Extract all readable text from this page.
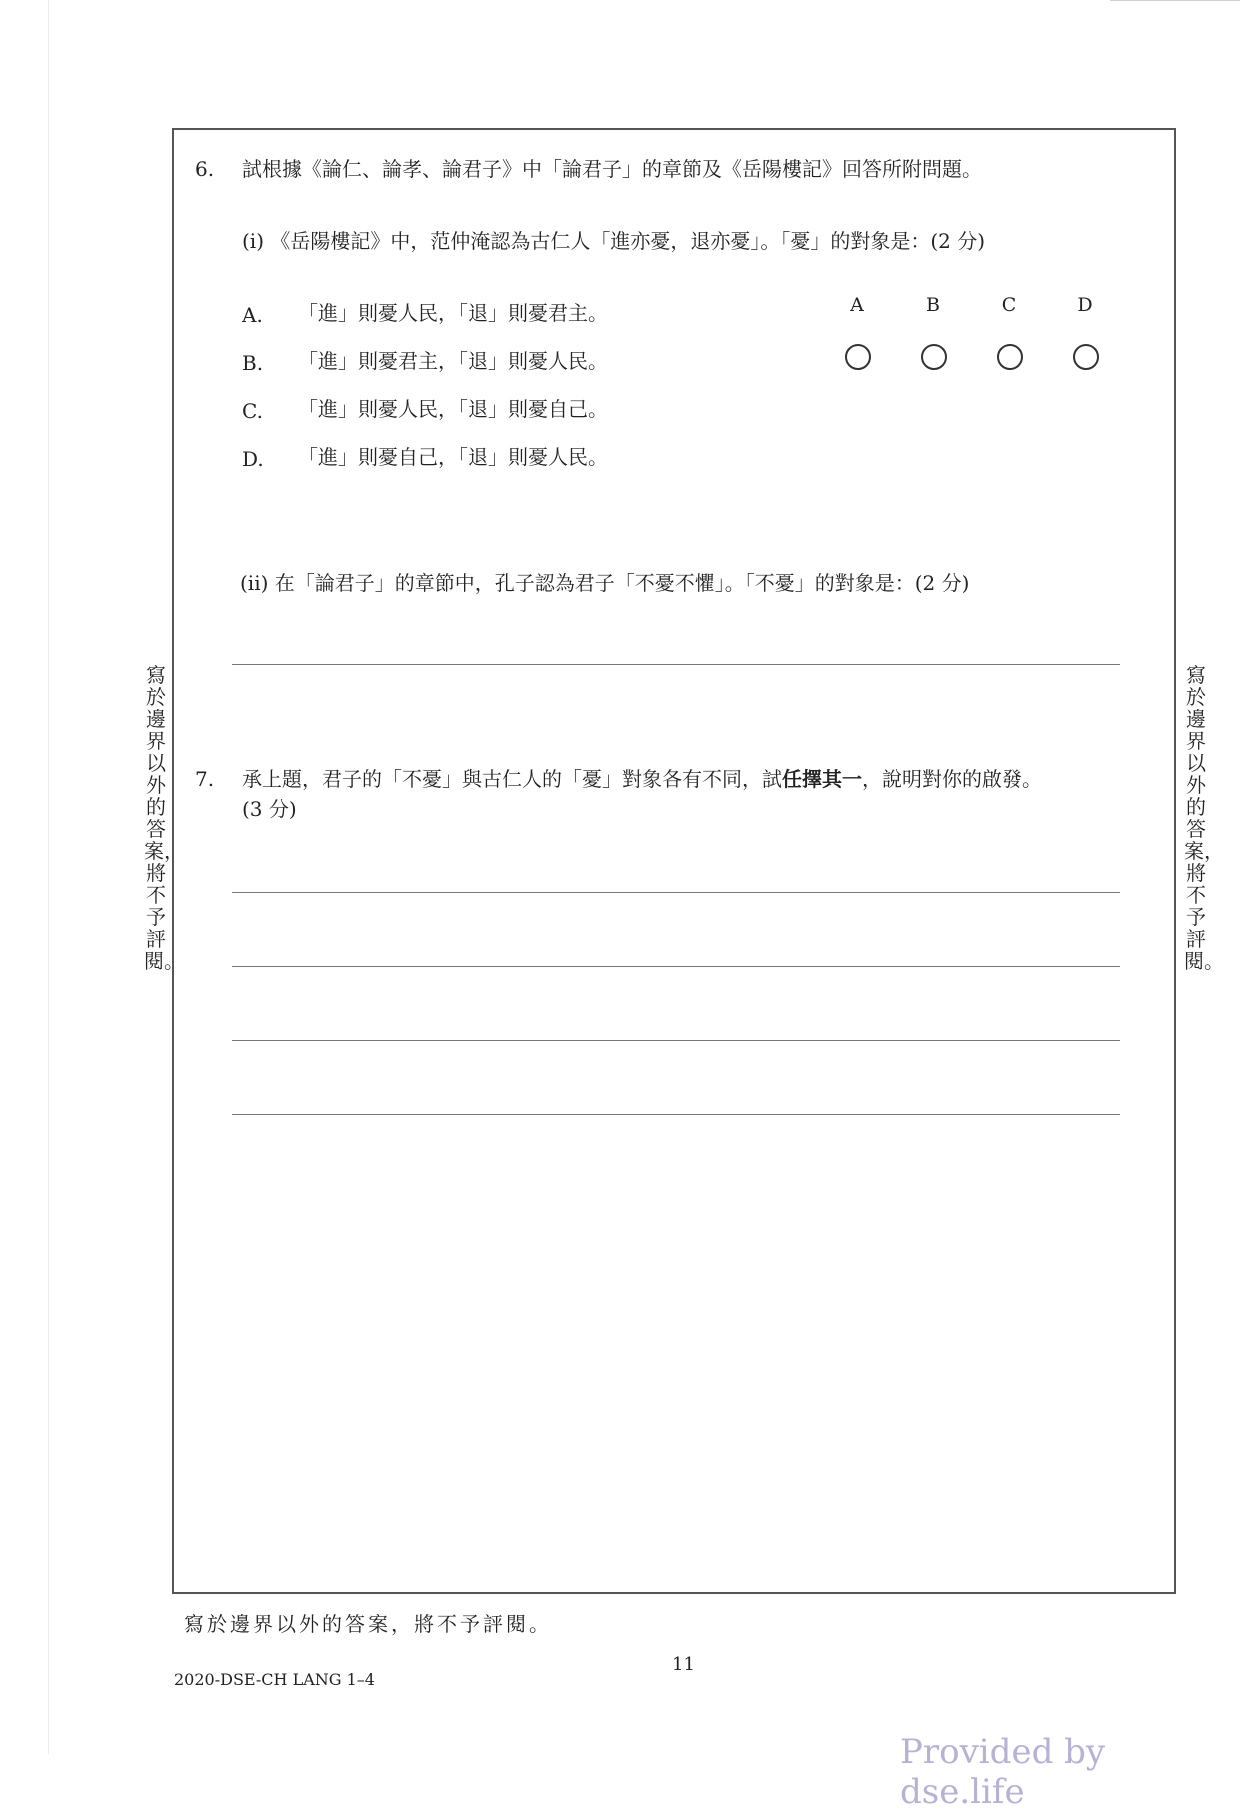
寫於邊界以外的答案，將不予評閱。
寫於邊界以外的答案，將不予評閱。
6. 試根據《論仁、論孝、論君子》中「論君子」的章節及《岳陽樓記》回答所附問題。
(i) 《岳陽樓記》中，范仲淹認為古仁人「進亦憂，退亦憂」。「憂」的對象是：(2 分)
A. 「進」則憂人民，「退」則憂君主。
B. 「進」則憂君主，「退」則憂人民。
C. 「進」則憂人民，「退」則憂自己。
D. 「進」則憂自己，「退」則憂人民。
A	B	C	D
(ii) 在「論君子」的章節中，孔子認為君子「不憂不懼」。「不憂」的對象是：(2 分)
7. 承上題，君子的「不憂」與古仁人的「憂」對象各有不同，試任擇其一，說明對你的啟發。
(3 分)
寫於邊界以外的答案，將不予評閱。
11
2020-DSE-CH LANG 1–4
Provided by dse.life
